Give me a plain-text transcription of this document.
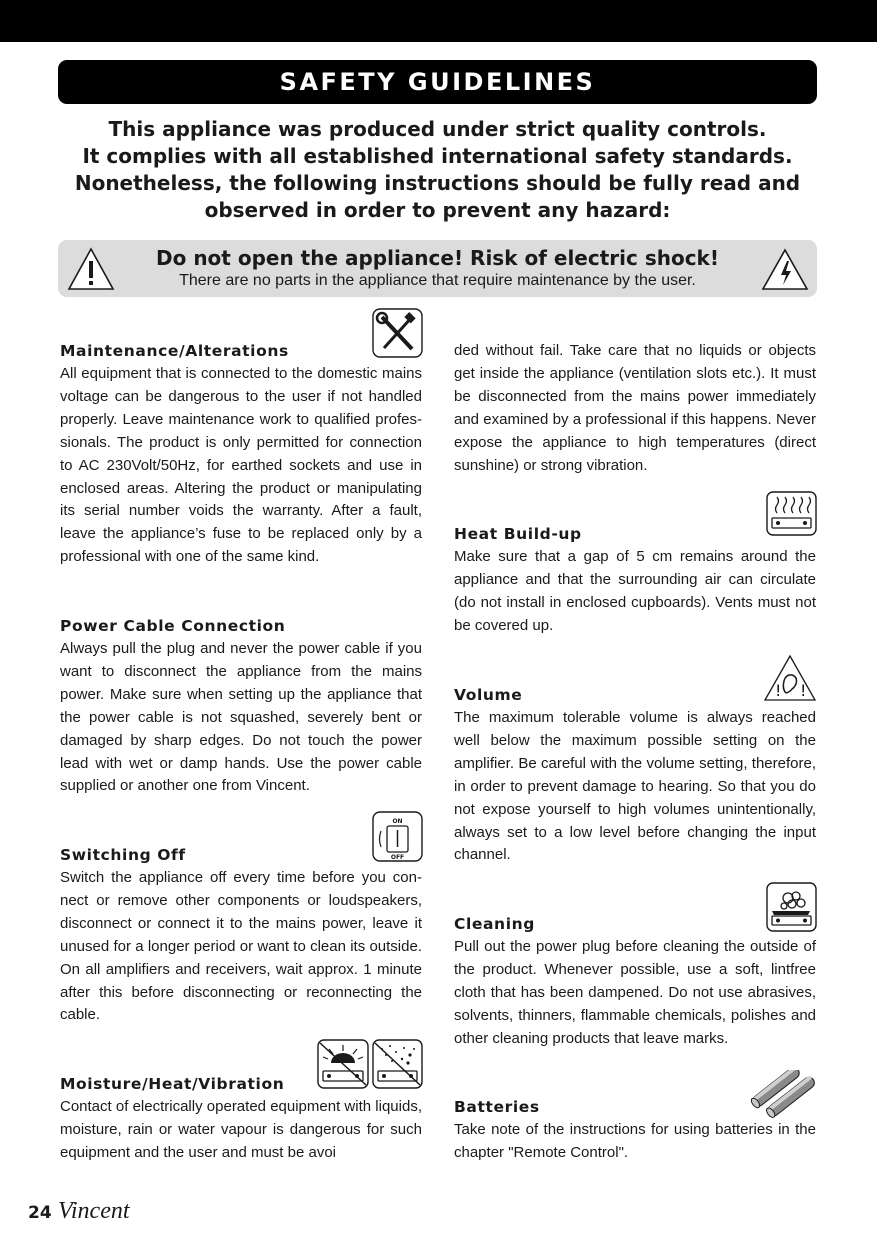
SAFETY GUIDELINES
This appliance was produced under strict quality controls.
It complies with all established international safety standards.
Nonetheless, the following instructions should be fully read and
observed in order to prevent any hazard:
Do not open the appliance! Risk of electric shock!
There are no parts in the appliance that require maintenance by the user.
Maintenance/Alterations
All equipment that is connected to the domestic mains voltage can be dangerous to the user if not handled properly. Leave maintenance work to qualified professionals. The product is only permitted for connection to AC 230Volt/50Hz, for earthed sockets and use in enclosed areas. Altering the product or manipulating its serial number voids the warranty. After a fault, leave the appliance’s fuse to be replaced only by a professional with one of the same kind.
Power Cable Connection
Always pull the plug and never the power cable if you want to disconnect the appliance from the mains power. Make sure when setting up the appliance that the power cable is not squashed, severely bent or damaged by sharp edges. Do not touch the power lead with wet or damp hands. Use the power cable supplied or another one from Vincent.
ON
OFF
Switching Off
Switch the appliance off every time before you connect or remove other components or loudspeakers, disconnect or connect it to the mains power, leave it unused for a longer period or want to clean its outside. On all amplifiers and receivers, wait approx. 1 minute after this before disconnecting or reconnecting the cable.
Moisture/Heat/Vibration
Contact of electrically operated equipment with liquids, moisture, rain or water vapour is dangerous for such equipment and the user and must be avoi
ded without fail. Take care that no liquids or objects get inside the appliance (ventilation slots etc.). It must be disconnected from the mains power immediately and examined by a professional if this happens. Never expose the appliance to high temperatures (direct sunshine) or strong vibration.
Heat Build-up
Make sure that a gap of 5 cm remains around the appliance and that the surrounding air can circulate (do not install in enclosed cupboards). Vents must not be covered up.
! !
Volume
The maximum tolerable volume is always reached well below the maximum possible setting on the amplifier. Be careful with the volume setting, therefore, in order to prevent damage to hearing. So that you do not expose yourself to high volumes unintentionally, always set to a low level before changing the input channel.
Cleaning
Pull out the power plug before cleaning the outside of the product. Whenever possible, use a soft, lintfree cloth that has been dampened. Do not use abrasives, solvents, thinners, flammable chemicals, polishes and other cleaning products that leave marks.
Batteries
Take note of the instructions for using batteries in the chapter "Remote Control".
24 Vincent
